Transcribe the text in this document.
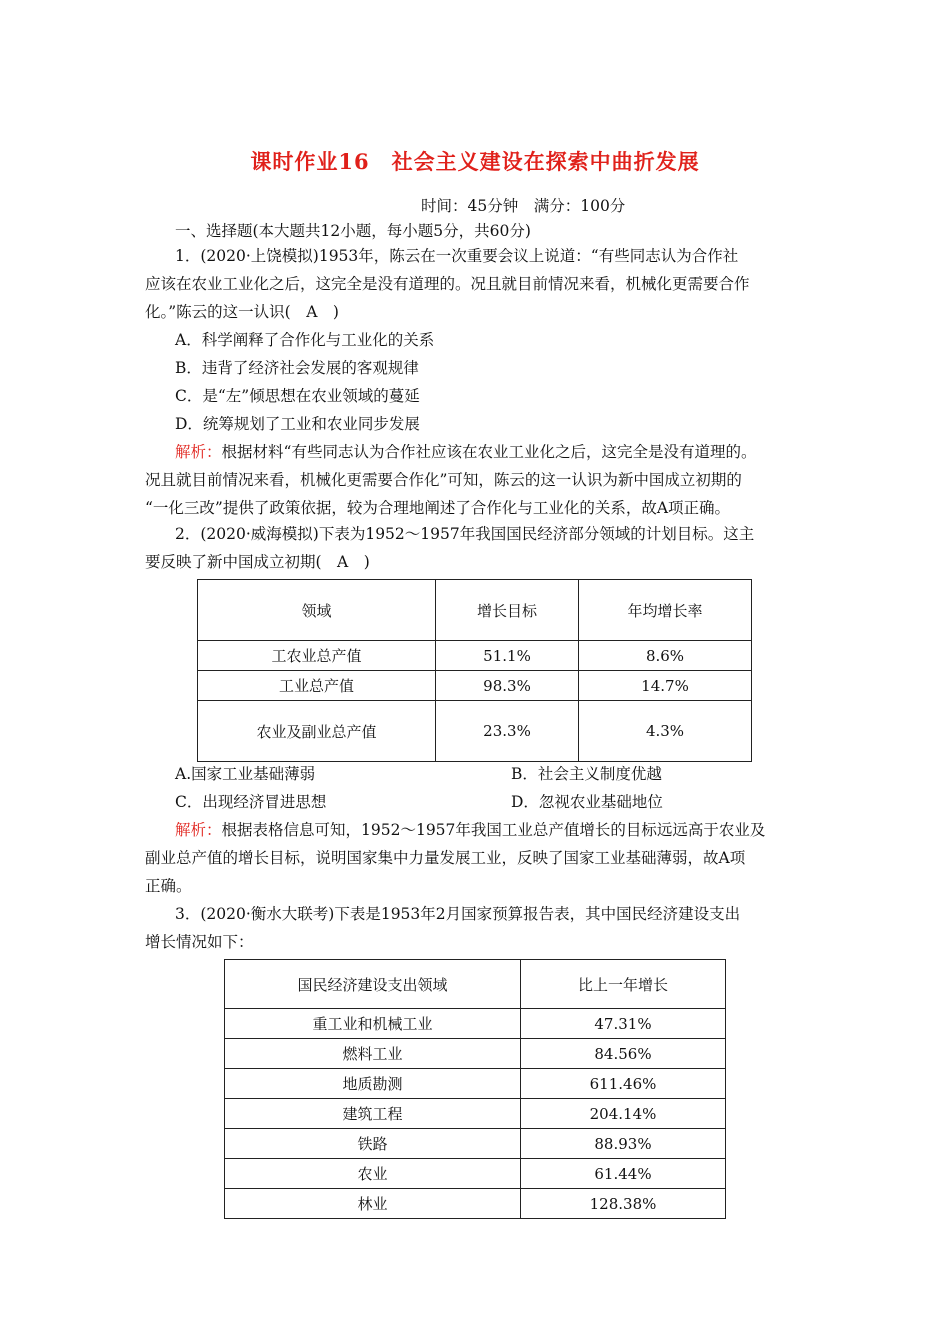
课时作业16　社会主义建设在探索中曲折发展
时间：45分钟　满分：100分
一、选择题(本大题共12小题，每小题5分，共60分)
1．(2020·上饶模拟)1953年，陈云在一次重要会议上说道：“有些同志认为合作社
应该在农业工业化之后，这完全是没有道理的。况且就目前情况来看，机械化更需要合作
化。”陈云的这一认识(　A　)
A．科学阐释了合作化与工业化的关系
B．违背了经济社会发展的客观规律
C．是“左”倾思想在农业领域的蔓延
D．统筹规划了工业和农业同步发展
解析：根据材料“有些同志认为合作社应该在农业工业化之后，这完全是没有道理的。
况且就目前情况来看，机械化更需要合作化”可知，陈云的这一认识为新中国成立初期的
“一化三改”提供了政策依据，较为合理地阐述了合作化与工业化的关系，故A项正确。
2．(2020·威海模拟)下表为1952～1957年我国国民经济部分领域的计划目标。这主
要反映了新中国成立初期(　A　)
领域	增长目标	年均增长率
工农业总产值	51.1%	8.6%
工业总产值	98.3%	14.7%
农业及副业总产值	23.3%	4.3%
A.国家工业基础薄弱	B．社会主义制度优越
C．出现经济冒进思想	D．忽视农业基础地位
解析：根据表格信息可知，1952～1957年我国工业总产值增长的目标远远高于农业及
副业总产值的增长目标，说明国家集中力量发展工业，反映了国家工业基础薄弱，故A项
正确。
3．(2020·衡水大联考)下表是1953年2月国家预算报告表，其中国民经济建设支出
增长情况如下：
国民经济建设支出领域	比上一年增长
重工业和机械工业	47.31%
燃料工业	84.56%
地质勘测	611.46%
建筑工程	204.14%
铁路	88.93%
农业	61.44%
林业	128.38%
